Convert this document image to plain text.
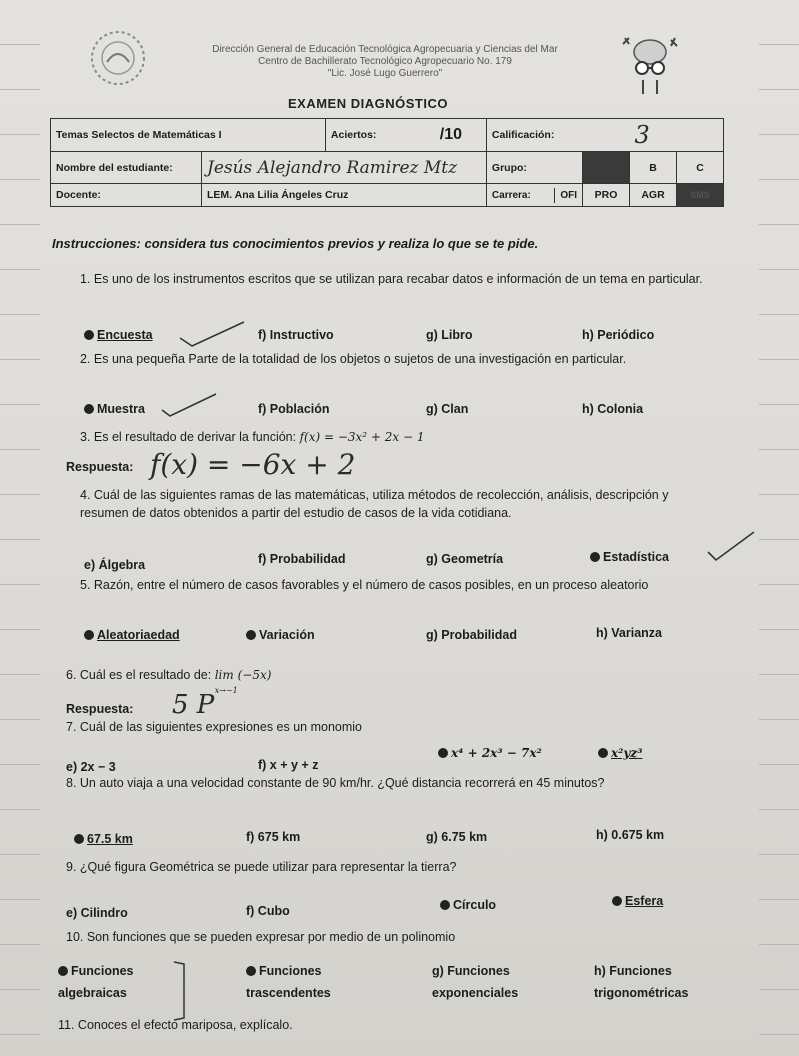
Dirección General de Educación Tecnológica Agropecuaria y Ciencias del Mar
Centro de Bachillerato Tecnológico Agropecuario No. 179
"Lic. José Lugo Guerrero"
EXAMEN DIAGNÓSTICO
Temas Selectos de Matemáticas I		Aciertos:	/10	Calificación:		3	
Nombre del estudiante:	Jesús Alejandro Ramirez Mtz			Grupo:	A	B	C
Docente:	LEM. Ana Lilia Ángeles Cruz			Carrera: OFI	PRO	AGR	SMS
Instrucciones: considera tus conocimientos previos y realiza lo que se te pide.
1. Es uno de los instrumentos escritos que se utilizan para recabar datos e información de un tema en particular.
Encuesta	f) Instructivo	g) Libro	h) Periódico
2. Es una pequeña Parte de la totalidad de los objetos o sujetos de una investigación en particular.
Muestra	f) Población	g) Clan	h) Colonia
3. Es el resultado de derivar la función: f(x) = −3x² + 2x − 1
Respuesta: f(x) = −6x + 2
4. Cuál de las siguientes ramas de las matemáticas, utiliza métodos de recolección, análisis, descripción y resumen de datos obtenidos a partir del estudio de casos de la vida cotidiana.
e) Álgebra	f) Probabilidad	g) Geometría	Estadística
5. Razón, entre el número de casos favorables y el número de casos posibles, en un proceso aleatorio
Aleatoriaedad	Variación	g) Probabilidad	h) Varianza
6. Cuál es el resultado de: lim (−5x)
x→−1
Respuesta: 5 P
7. Cuál de las siguientes expresiones es un monomio
e) 2x − 3	f) x + y + z
x⁴ + 2x³ − 7x²	x²yz³
8. Un auto viaja a una velocidad constante de 90 km/hr. ¿Qué distancia recorrerá en 45 minutos?
67.5 km	f) 675 km	g) 6.75 km	h) 0.675 km
9. ¿Qué figura Geométrica se puede utilizar para representar la tierra?
e) Cilindro	f) Cubo	Círculo	Esfera
10. Son funciones que se pueden expresar por medio de un polinomio
Funciones algebraicas
Funciones trascendentes
g) Funciones exponenciales
h) Funciones trigonométricas
11. Conoces el efecto mariposa, explícalo.
